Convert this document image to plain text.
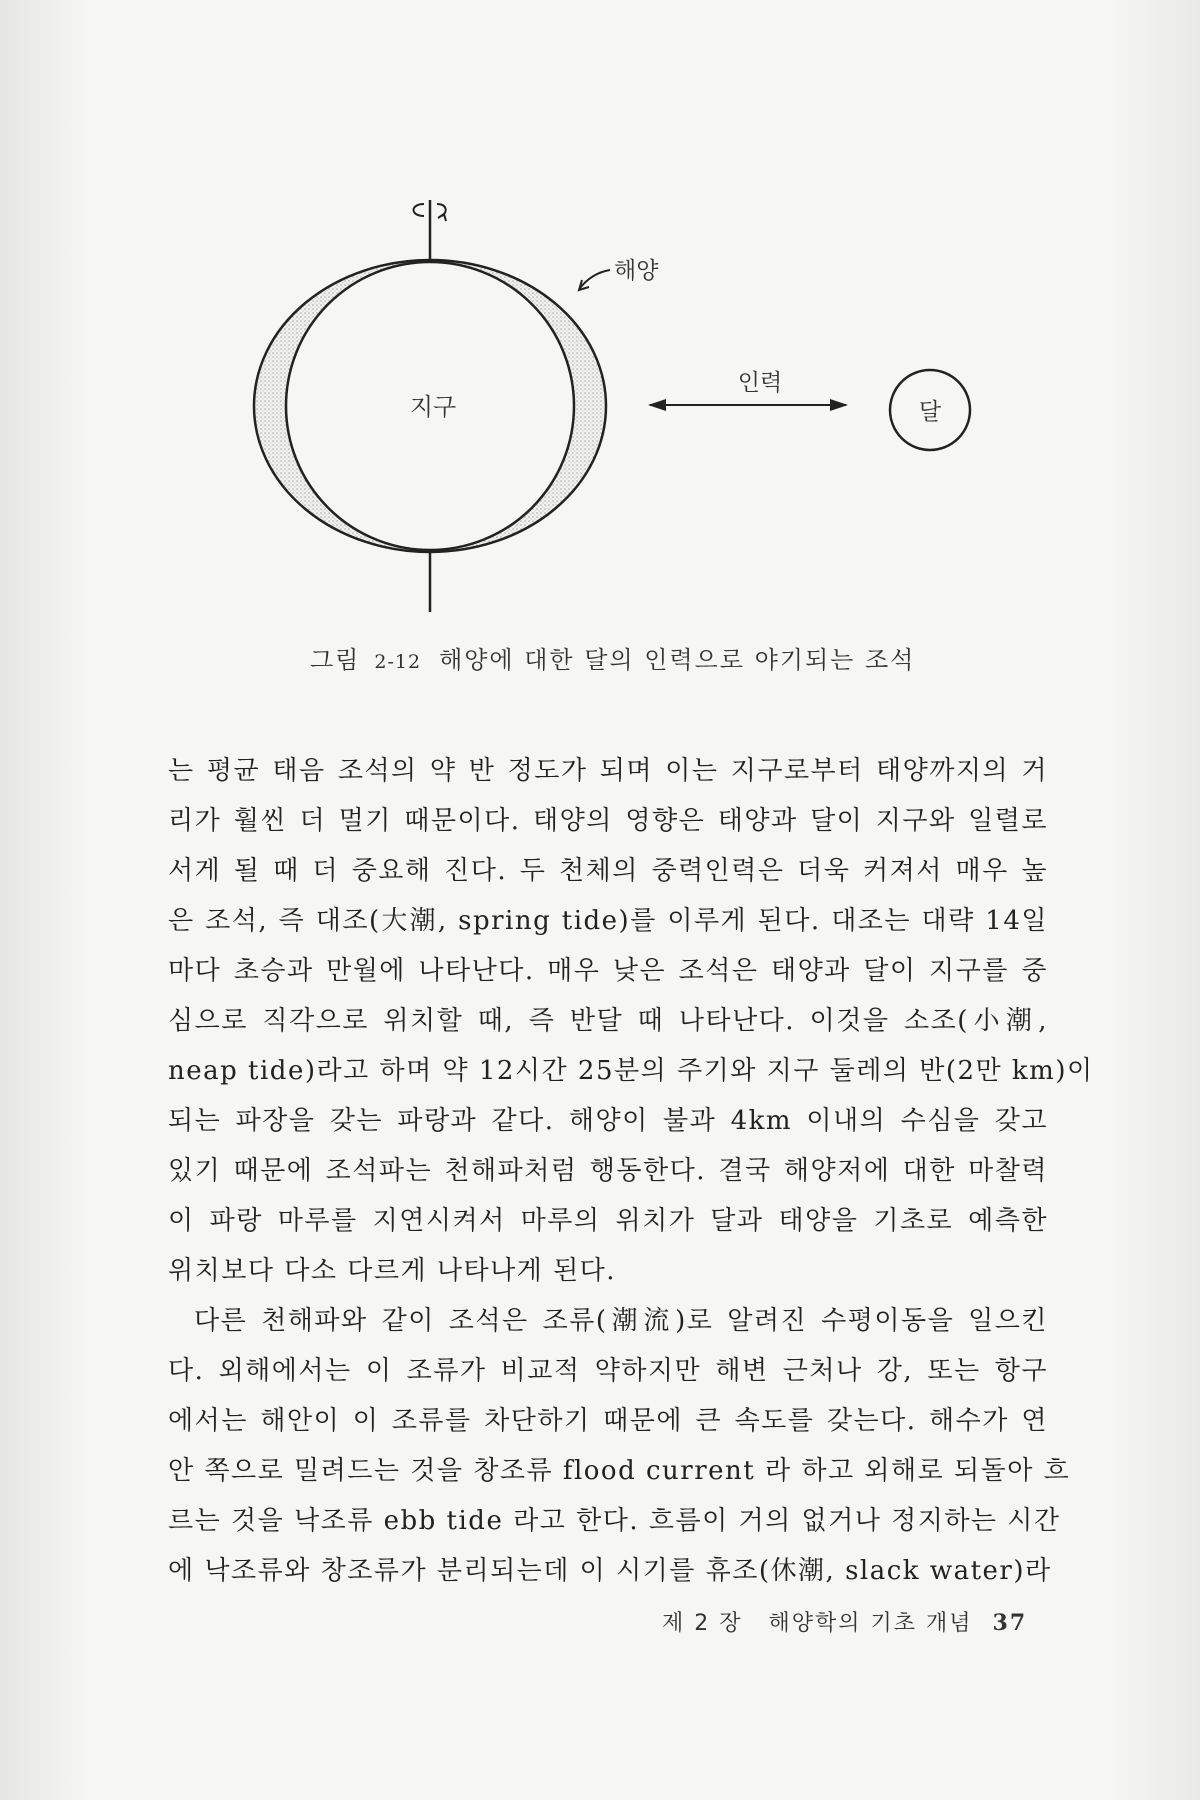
지구
해양
인력
달
그림 2-12 해양에 대한 달의 인력으로 야기되는 조석
는 평균 태음 조석의 약 반 정도가 되며 이는 지구로부터 태양까지의 거
리가 훨씬 더 멀기 때문이다. 태양의 영향은 태양과 달이 지구와 일렬로
서게 될 때 더 중요해 진다. 두 천체의 중력인력은 더욱 커져서 매우 높
은 조석, 즉 대조(大潮, spring tide)를 이루게 된다. 대조는 대략 14일
마다 초승과 만월에 나타난다. 매우 낮은 조석은 태양과 달이 지구를 중
심으로 직각으로 위치할 때, 즉 반달 때 나타난다. 이것을 소조(小潮,
neap tide)라고 하며 약 12시간 25분의 주기와 지구 둘레의 반(2만 km)이
되는 파장을 갖는 파랑과 같다. 해양이 불과 4km 이내의 수심을 갖고
있기 때문에 조석파는 천해파처럼 행동한다. 결국 해양저에 대한 마찰력
이 파랑 마루를 지연시켜서 마루의 위치가 달과 태양을 기초로 예측한
위치보다 다소 다르게 나타나게 된다.
다른 천해파와 같이 조석은 조류(潮流)로 알려진 수평이동을 일으킨
다. 외해에서는 이 조류가 비교적 약하지만 해변 근처나 강, 또는 항구
에서는 해안이 이 조류를 차단하기 때문에 큰 속도를 갖는다. 해수가 연
안 쪽으로 밀려드는 것을 창조류 flood current 라 하고 외해로 되돌아 흐
르는 것을 낙조류 ebb tide 라고 한다. 흐름이 거의 없거나 정지하는 시간
에 낙조류와 창조류가 분리되는데 이 시기를 휴조(休潮, slack water)라
제 2 장 해양학의 기초 개념 37
